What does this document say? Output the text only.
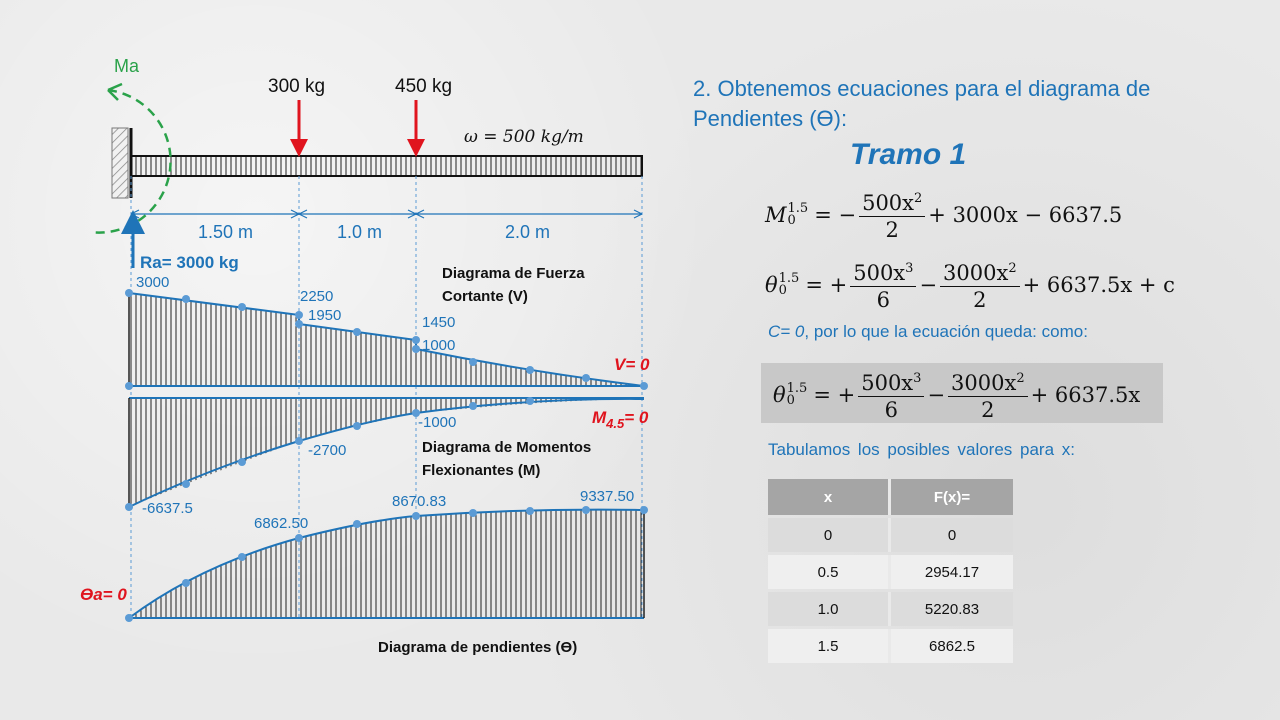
Ma
300 kg	450 kg
ω = 500 kg/m
1.50 m	1.0 m	2.0 m
Ra= 3000 kg
3000
2250
1950	1450
1000
Diagrama de Fuerza
Cortante (V)
V= 0
-6637.5
-2700
-1000
Diagrama de Momentos
Flexionantes (M)
$M_{4.5}= 0$
6862.50
8670.83	9337.50
ϴa= 0
Diagrama de pendientes (ϴ)
2. Obtenemos ecuaciones para el diagrama de Pendientes (ϴ):
Tramo 1
M 1.5
0 = − $\frac{500x^2}{2} + 3000x - 6637.5$
θ 1.5
0 = + $\frac{500x^3}{6} - \frac{3000x^2}{2} + 6637.5x + c$
C= 0, por lo que la ecuación queda: como:
θ 1.5
0 = + $\frac{500x^3}{6} - \frac{3000x^2}{2} + 6637.5x$
Tabulamos los posibles valores para x:
x	F(x)=
0	0
0.5	2954.17
1.0	5220.83
1.5	6862.5
